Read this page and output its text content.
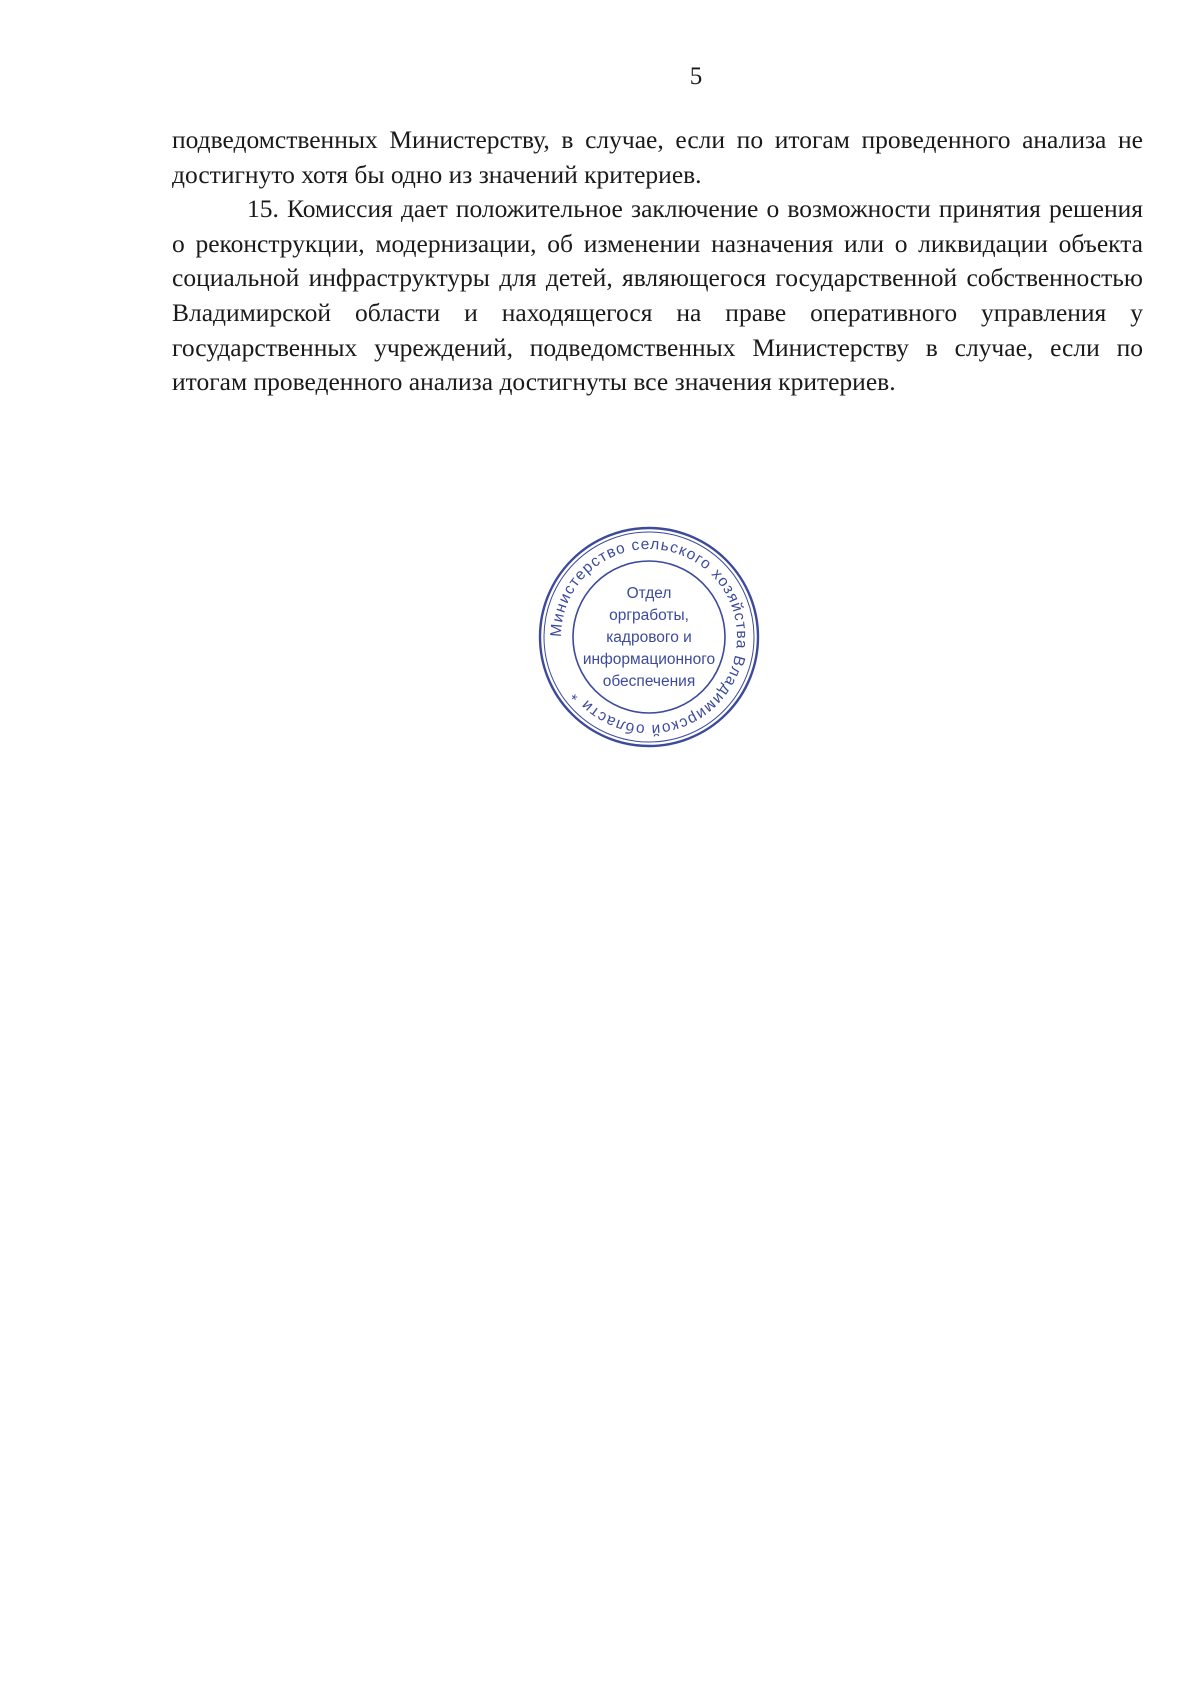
5

подведомственных Министерству, в случае, если по итогам проведенного анализа не достигнуто хотя бы одно из значений критериев.

15. Комиссия дает положительное заключение о возможности принятия решения о реконструкции, модернизации, об изменении назначения или о ликвидации объекта социальной инфраструктуры для детей, являющегося государственной собственностью Владимирской области и находящегося на праве оперативного управления у государственных учреждений, подведомственных Министерству в случае, если по итогам проведенного анализа достигнуты все значения критериев.

Министерство сельского хозяйства Владимирской области *
Отдел
оргработы,
кадрового и
информационного
обеспечения
